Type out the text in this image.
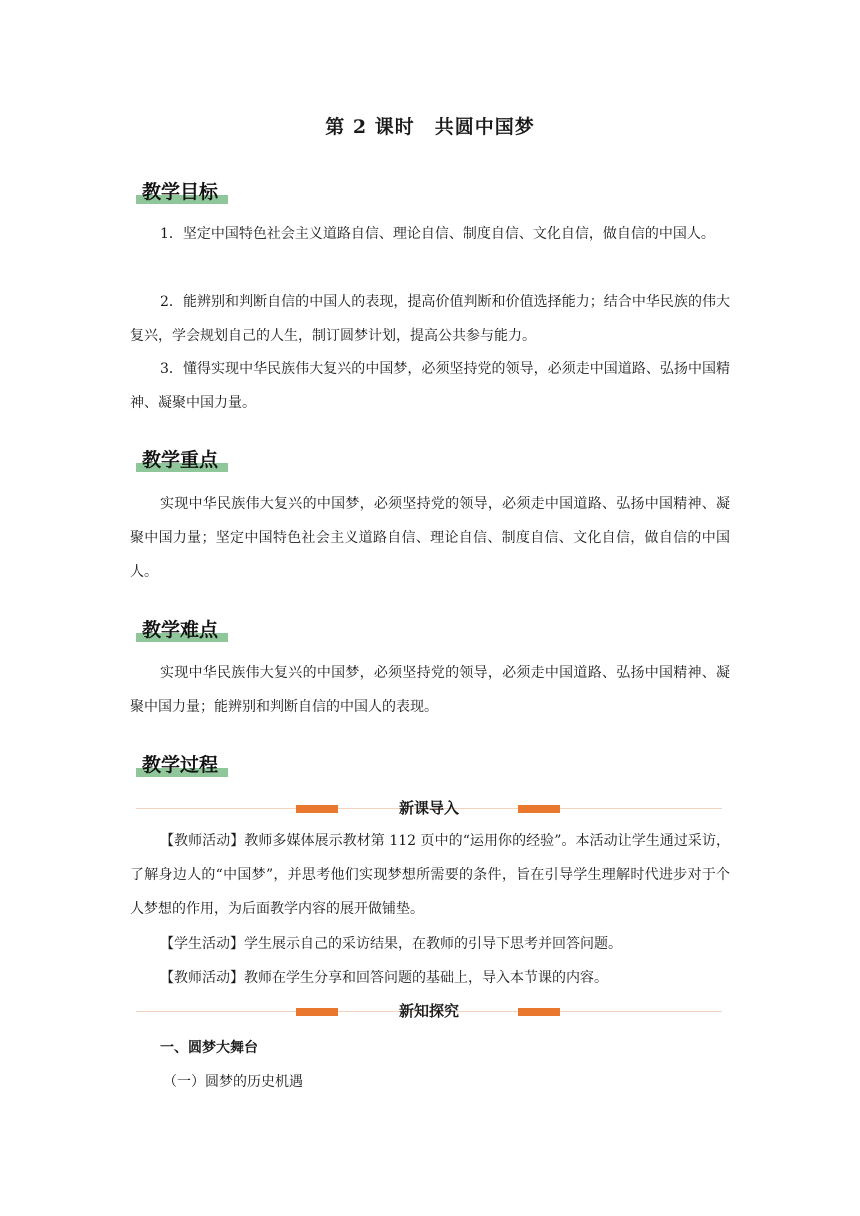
第 2 课时　共圆中国梦
教学目标

1．坚定中国特色社会主义道路自信、理论自信、制度自信、文化自信，做自信的中国人。

2．能辨别和判断自信的中国人的表现，提高价值判断和价值选择能力；结合中华民族的伟大复兴，学会规划自己的人生，制订圆梦计划，提高公共参与能力。

3．懂得实现中华民族伟大复兴的中国梦，必须坚持党的领导，必须走中国道路、弘扬中国精神、凝聚中国力量。

教学重点

实现中华民族伟大复兴的中国梦，必须坚持党的领导，必须走中国道路、弘扬中国精神、凝聚中国力量；坚定中国特色社会主义道路自信、理论自信、制度自信、文化自信，做自信的中国人。

教学难点

实现中华民族伟大复兴的中国梦，必须坚持党的领导，必须走中国道路、弘扬中国精神、凝聚中国力量；能辨别和判断自信的中国人的表现。

教学过程
新课导入

【教师活动】教师多媒体展示教材第 112 页中的“运用你的经验”。本活动让学生通过采访，了解身边人的“中国梦”，并思考他们实现梦想所需要的条件，旨在引导学生理解时代进步对于个人梦想的作用，为后面教学内容的展开做铺垫。

【学生活动】学生展示自己的采访结果，在教师的引导下思考并回答问题。

【教师活动】教师在学生分享和回答问题的基础上，导入本节课的内容。

新知探究
一、圆梦大舞台
（一）圆梦的历史机遇
